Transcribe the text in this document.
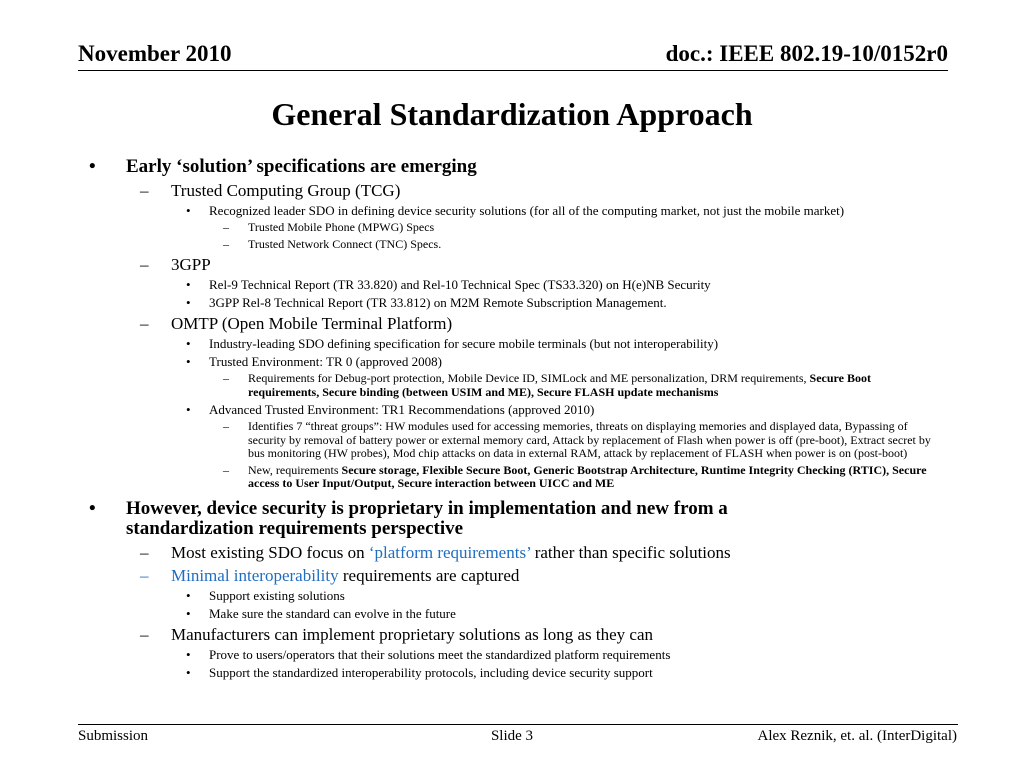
November 2010	doc.: IEEE 802.19-10/0152r0
General Standardization Approach
• Early ‘solution’ specifications are emerging
– Trusted Computing Group (TCG)
• Recognized leader SDO in defining device security solutions (for all of the computing market, not just the mobile market)
– Trusted Mobile Phone (MPWG) Specs
– Trusted Network Connect (TNC) Specs.
– 3GPP
• Rel-9 Technical Report (TR 33.820) and Rel-10 Technical Spec (TS33.320) on H(e)NB Security
• 3GPP Rel-8 Technical Report (TR 33.812) on M2M Remote Subscription Management.
– OMTP (Open Mobile Terminal Platform)
• Industry-leading SDO defining specification for secure mobile terminals (but not interoperability)
• Trusted Environment: TR 0 (approved 2008)
– Requirements for Debug-port protection, Mobile Device ID, SIMLock and ME personalization, DRM requirements, Secure Boot requirements, Secure binding (between USIM and ME), Secure FLASH update mechanisms
• Advanced Trusted Environment: TR1 Recommendations (approved 2010)
– Identifies 7 “threat groups”: HW modules used for accessing memories, threats on displaying memories and displayed data, Bypassing of security by removal of battery power or external memory card, Attack by replacement of Flash when power is off (pre-boot), Extract secret by bus monitoring (HW probes), Mod chip attacks on data in external RAM, attack by replacement of FLASH when power is on (post-boot)
– New, requirements Secure storage, Flexible Secure Boot, Generic Bootstrap Architecture, Runtime Integrity Checking (RTIC), Secure access to User Input/Output, Secure interaction between UICC and ME
• However, device security is proprietary in implementation and new from a standardization requirements perspective
– Most existing SDO focus on ‘platform requirements’ rather than specific solutions
– Minimal interoperability requirements are captured
• Support existing solutions
• Make sure the standard can evolve in the future
– Manufacturers can implement proprietary solutions as long as they can
• Prove to users/operators that their solutions meet the standardized platform requirements
• Support the standardized interoperability protocols, including device security support
Submission	Slide 3	Alex Reznik, et. al. (InterDigital)
